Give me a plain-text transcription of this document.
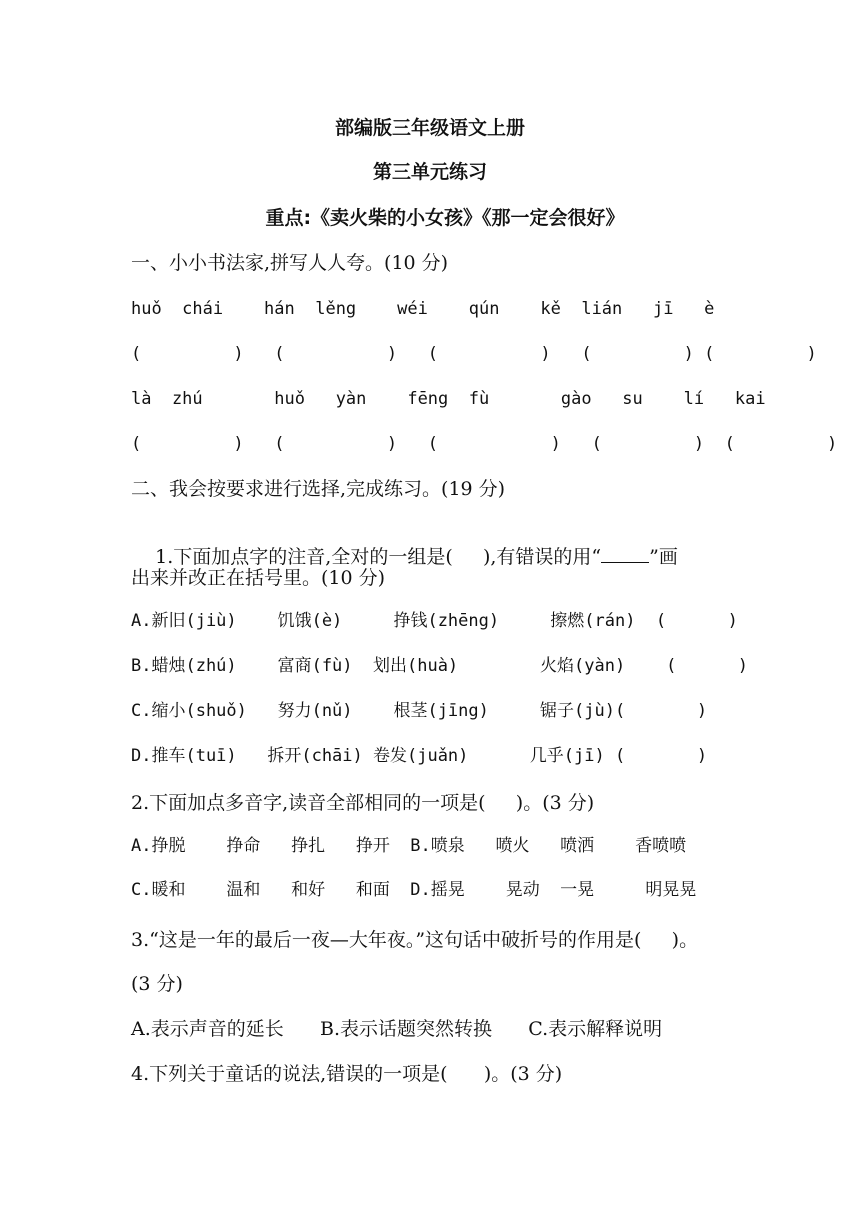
部编版三年级语文上册
第三单元练习
重点:《卖火柴的小女孩》《那一定会很好》
一、小小书法家,拼写人人夸。(10 分)
huǒ  chái    hán  lěng    wéi    qún    kě  lián   jī   è
(         )   (          )   (          )   (         ) (         )
là  zhú       huǒ   yàn    fēng  fù       gào   su    lí   kai
(         )   (          )   (           )   (         )  (         )
二、我会按要求进行选择,完成练习。(19 分)

1.下面加点字的注音,全对的一组是(     ),有错误的用“	”画

出来并改正在括号里。(10 分)
A.新旧(jiù)    饥饿(è)     挣钱(zhēng)     擦燃(rán)  (      )
B.蜡烛(zhú)    富商(fù)  划出(huà)        火焰(yàn)    (      )
C.缩小(shuǒ)   努力(nǔ)    根茎(jīng)     锯子(jù)(       )
D.推车(tuī)   拆开(chāi) 卷发(juǎn)      几乎(jī) (       )
2.下面加点多音字,读音全部相同的一项是(     )。(3 分)
A.挣脱    挣命   挣扎   挣开  B.喷泉   喷火   喷洒    香喷喷
C.暖和    温和   和好   和面  D.摇晃    晃动  一晃     明晃晃
3.“这是一年的最后一夜—大年夜。”这句话中破折号的作用是(     )。
(3 分)
A.表示声音的延长      B.表示话题突然转换      C.表示解释说明
4.下列关于童话的说法,错误的一项是(      )。(3 分)
